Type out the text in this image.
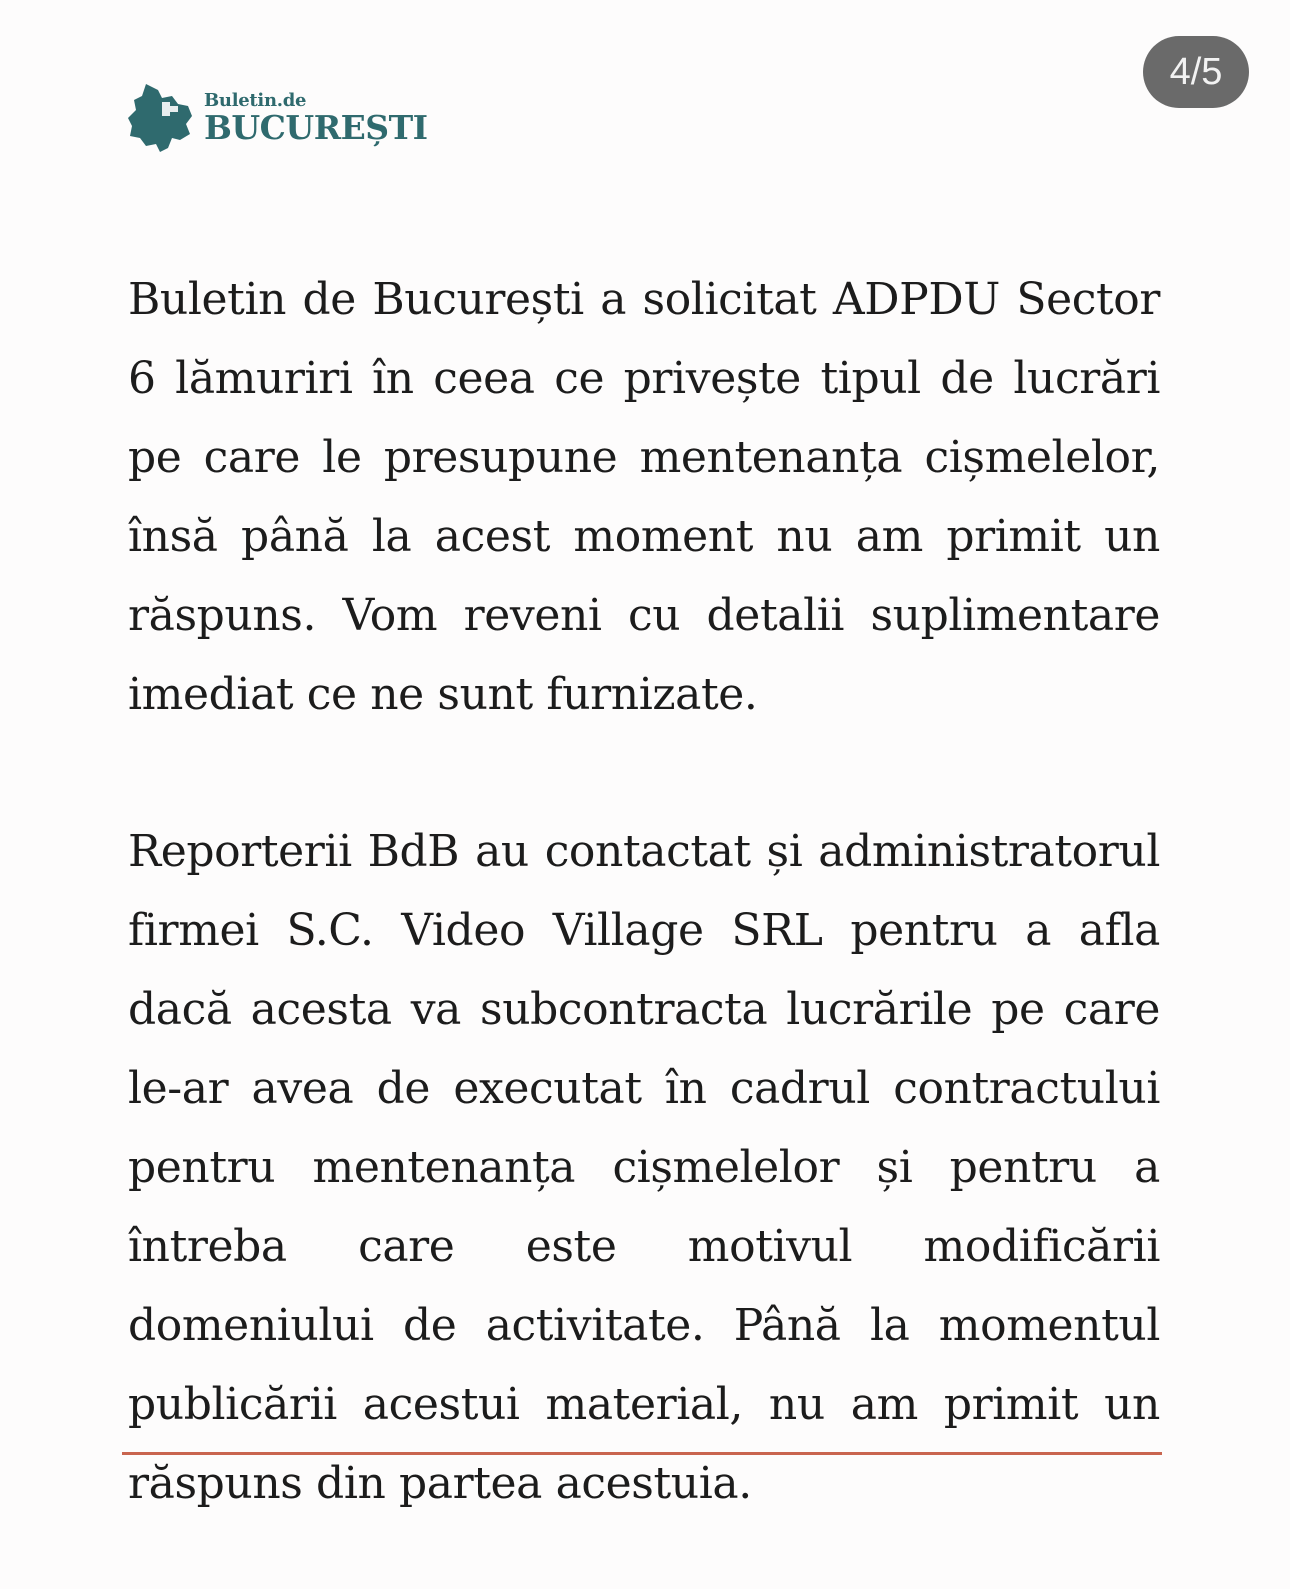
4/5
Buletin.de
BUCUREȘTI

Buletin de București a solicitat ADPDU Sector 6 lămuriri în ceea ce privește tipul de lucrări pe care le presupune mentenanța cișmelelor, însă până la acest moment nu am primit un răspuns. Vom reveni cu detalii suplimentare imediat ce ne sunt furnizate.

Reporterii BdB au contactat și administratorul firmei S.C. Video Village SRL pentru a afla dacă acesta va subcontracta lucrările pe care le-ar avea de executat în cadrul contractului pentru mentenanța cișmelelor și pentru a întreba care este motivul modificării domeniului de activitate. Până la momentul publicării acestui material, nu am primit un răspuns din partea acestuia.
